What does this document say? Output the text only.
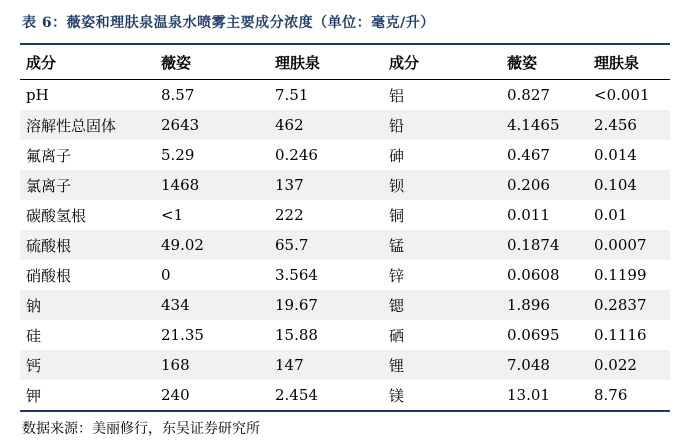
表 6：薇姿和理肤泉温泉水喷雾主要成分浓度（单位：毫克/升）
成分	薇姿	理肤泉	成分	薇姿	理肤泉
pH	8.57	7.51	铝	0.827	<0.001
溶解性总固体	2643	462	铅	4.1465 2.456
氟离子	5.29	0.246	砷	0.467	0.014
氯离子	1468	137	钡	0.206	0.104
碳酸氢根	<1	222	铜	0.011	0.01
硫酸根	49.02	65.7	锰	0.1874 0.0007
硝酸根	0	3.564	锌	0.0608 0.1199
钠	434	19.67	锶	1.896	0.2837
硅	21.35	15.88	硒	0.0695 0.1116
钙	168	147	锂	7.048	0.022
钾	240	2.454	镁	13.01	8.76
数据来源：美丽修行，东吴证券研究所
